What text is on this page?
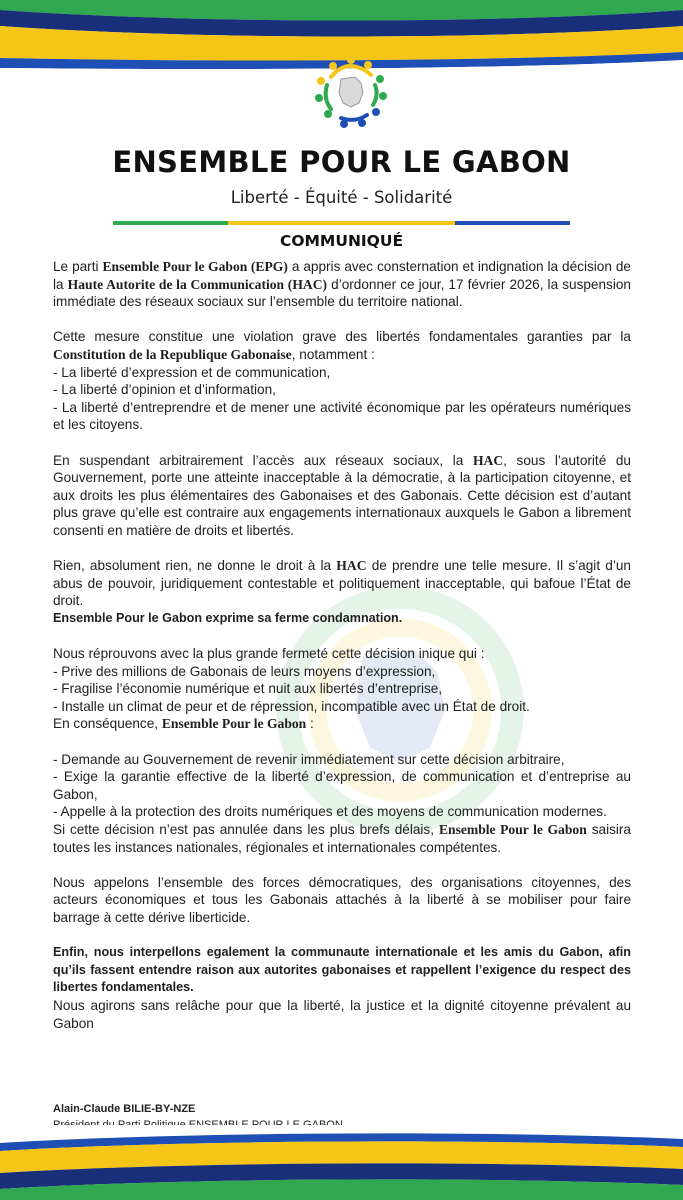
ENSEMBLE POUR LE GABON
Liberté - Équité - Solidarité
COMMUNIQUÉ

Le parti Ensemble Pour le Gabon (EPG) a appris avec consternation et indignation la décision de la Haute Autorite de la Communication (HAC) d’ordonner ce jour, 17 février 2026, la suspension immédiate des réseaux sociaux sur l’ensemble du territoire national.

Cette mesure constitue une violation grave des libertés fondamentales garanties par la Constitution de la Republique Gabonaise, notamment :

- La liberté d’expression et de communication,

- La liberté d’opinion et d’information,

- La liberté d’entreprendre et de mener une activité économique par les opérateurs numériques et les citoyens.

En suspendant arbitrairement l’accès aux réseaux sociaux, la HAC, sous l’autorité du Gouvernement, porte une atteinte inacceptable à la démocratie, à la participation citoyenne, et aux droits les plus élémentaires des Gabonaises et des Gabonais. Cette décision est d’autant plus grave qu’elle est contraire aux engagements internationaux auxquels le Gabon a librement consenti en matière de droits et libertés.

Rien, absolument rien, ne donne le droit à la HAC de prendre une telle mesure. Il s’agit d’un abus de pouvoir, juridiquement contestable et politiquement inacceptable, qui bafoue l’État de droit.

Ensemble Pour le Gabon exprime sa ferme condamnation.

Nous réprouvons avec la plus grande fermeté cette décision inique qui :

- Prive des millions de Gabonais de leurs moyens d’expression,

- Fragilise l’économie numérique et nuit aux libertés d’entreprise,

- Installe un climat de peur et de répression, incompatible avec un État de droit.

En conséquence, Ensemble Pour le Gabon :

- Demande au Gouvernement de revenir immédiatement sur cette décision arbitraire,

- Exige la garantie effective de la liberté d’expression, de communication et d’entreprise au Gabon,

- Appelle à la protection des droits numériques et des moyens de communication modernes.

Si cette décision n’est pas annulée dans les plus brefs délais, Ensemble Pour le Gabon saisira toutes les instances nationales, régionales et internationales compétentes.

Nous appelons l’ensemble des forces démocratiques, des organisations citoyennes, des acteurs économiques et tous les Gabonais attachés à la liberté à se mobiliser pour faire barrage à cette dérive liberticide.

Enfin, nous interpellons egalement la communaute internationale et les amis du Gabon, afin qu’ils fassent entendre raison aux autorites gabonaises et rappellent l’exigence du respect des libertes fondamentales.

Nous agirons sans relâche pour que la liberté, la justice et la dignité citoyenne prévalent au Gabon

Alain-Claude BILIE-BY-NZE
